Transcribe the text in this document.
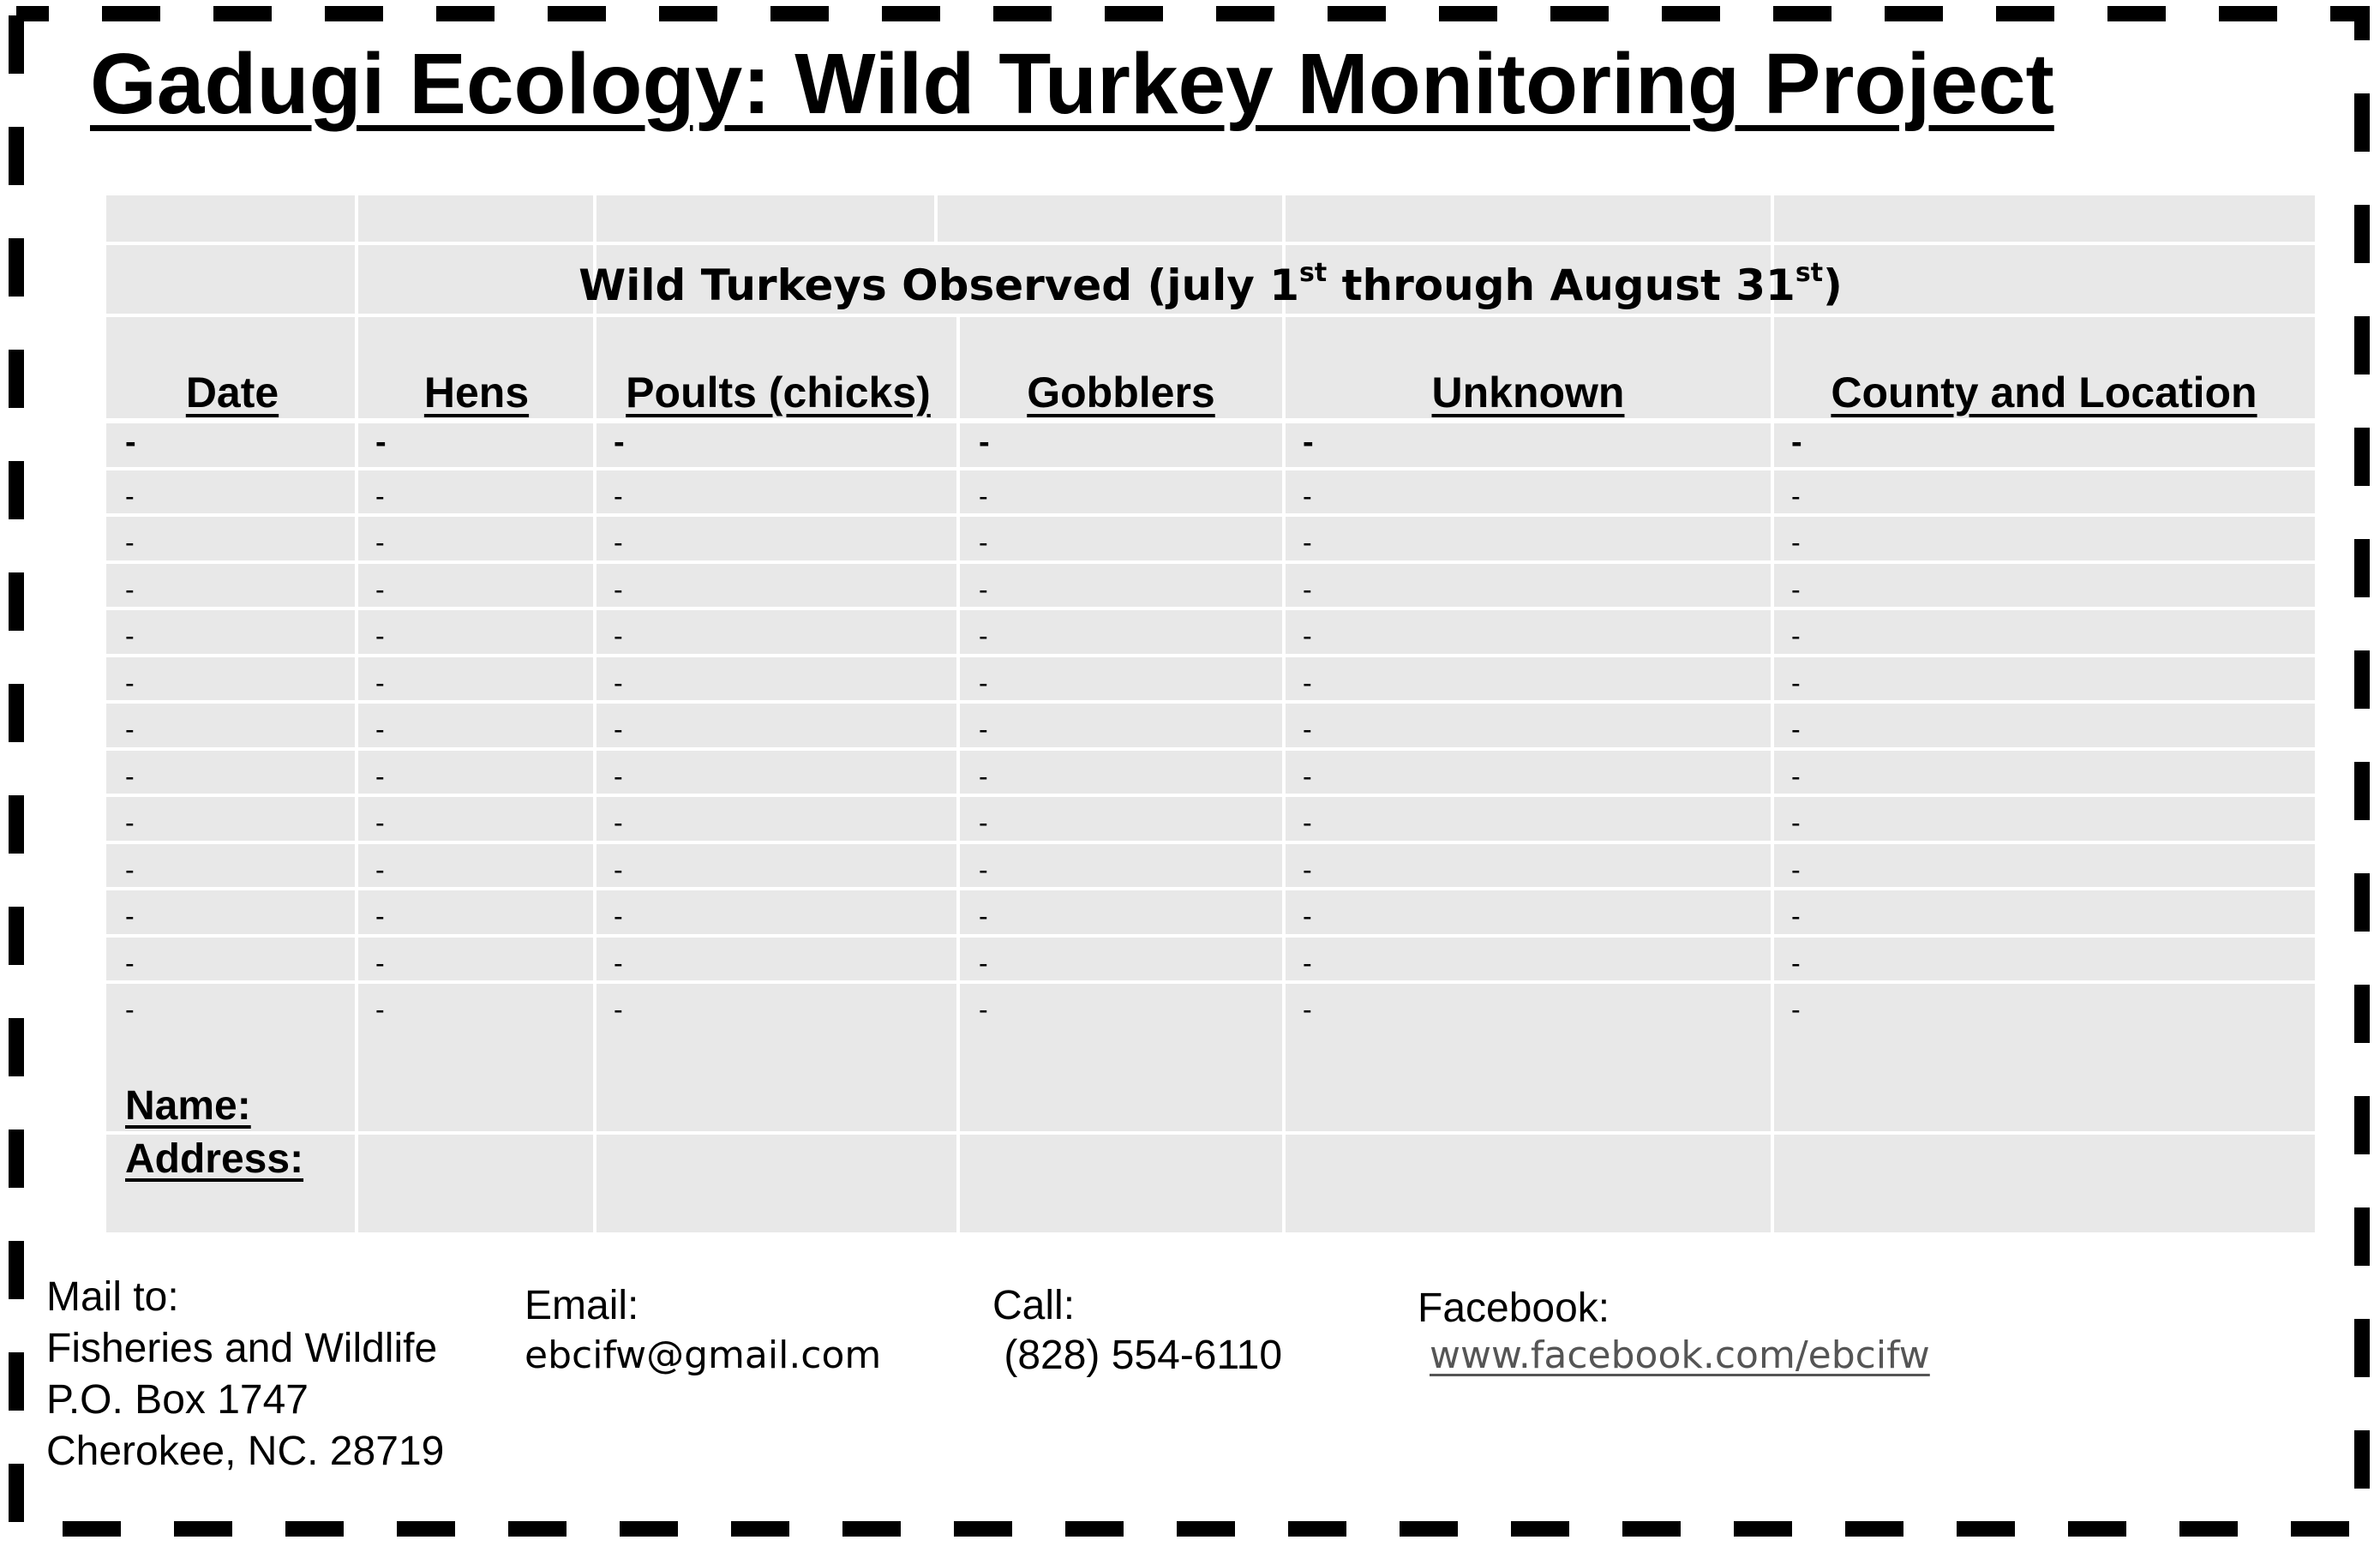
Gadugi Ecology: Wild Turkey Monitoring Project
Wild Turkeys Observed (july 1st through August 31st)
Date	Hens	Poults (chicks)	Gobblers	Unknown	County and Location
-	-	-	-	-	-
-	-	-	-	-	-
-	-	-	-	-	-
-	-	-	-	-	-
-	-	-	-	-	-
-	-	-	-	-	-
-	-	-	-	-	-
-	-	-	-	-	-
-	-	-	-	-	-
-	-	-	-	-	-
-	-	-	-	-	-
-	-	-	-	-	-
-	-	-	-	-	-
Name:
Address:
Mail to:
Fisheries and Wildlife
P.O. Box 1747
Cherokee, NC. 28719
Email:
ebcifw@gmail.com
Call:
(828) 554-6110
Facebook:
www.facebook.com/ebcifw
